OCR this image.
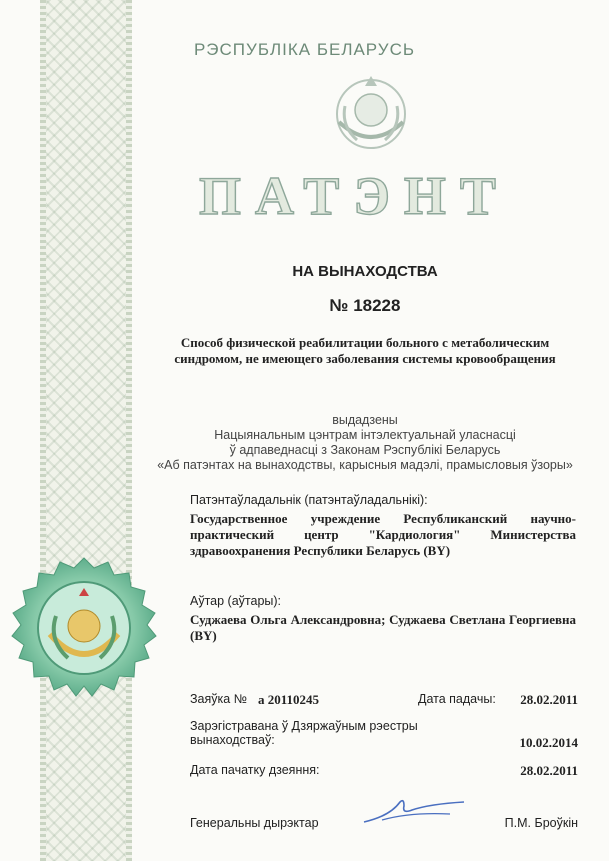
РЭСПУБЛІКА БЕЛАРУСЬ
ПАТЭНТ
НА ВЫНАХОДСТВА
№ 18228
Способ физической реабилитации больного с метаболическим синдромом, не имеющего заболевания системы кровообращения
выдадзены
Нацыянальным цэнтрам інтэлектуальнай уласнасці
ў адпаведнасці з Законам Рэспублікі Беларусь
«Аб патэнтах на вынаходствы, карысныя мадэлі, прамысловыя ўзоры»
Патэнтаўладальнік (патэнтаўладальнікі):
Государственное учреждение Республиканский научно-практический центр "Кардиология" Министерства здравоохранения Республики Беларусь (BY)
Аўтар (аўтары):
Суджаева Ольга Александровна; Суджаева Светлана Георгиевна (BY)
Заяўка № а 20110245	Дата падачы: 28.02.2011
Зарэгістравана ў Дзяржаўным рэестры
вынаходстваў:	10.02.2014
Дата пачатку дзеяння:	28.02.2011
Генеральны дырэктар	П.М. Броўкін
